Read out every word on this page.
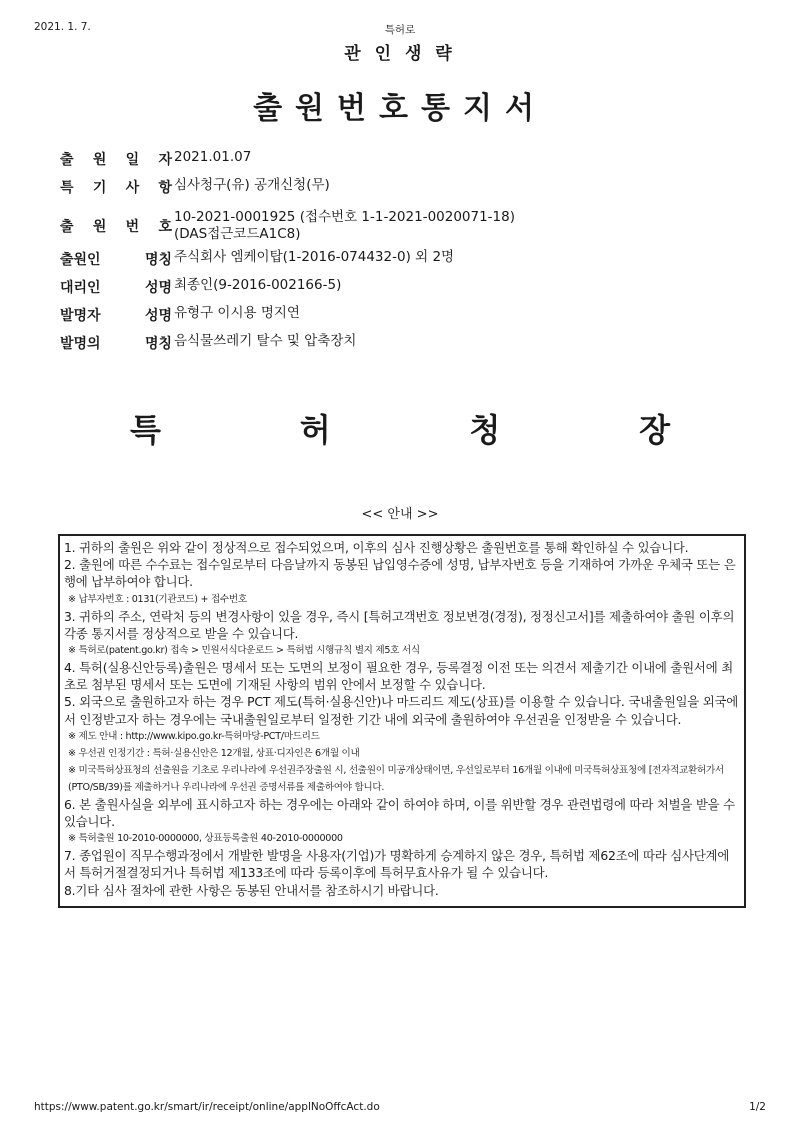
2021. 1. 7.	특허로
관 인 생 략
출원번호통지서
출 원 일 자 2021.01.07
특 기 사 항 심사청구(유) 공개신청(무)
출 원 번 호
10-2021-0001925 (접수번호 1-1-2021-0020071-18)
(DAS접근코드A1C8)
출원인 명칭 주식회사 엠케이탑(1-2016-074432-0) 외 2명
대리인 성명 최종인(9-2016-002166-5)
발명자 성명 유형구 이시용 명지연
발명의 명칭 음식물쓰레기 탈수 및 압축장치
특	허	청	장
<< 안내 >>

1. 귀하의 출원은 위와 같이 정상적으로 접수되었으며, 이후의 심사 진행상황은 출원번호를 통해 확인하실 수 있습니다.

2. 출원에 따른 수수료는 접수일로부터 다음날까지 동봉된 납입영수증에 성명, 납부자번호 등을 기재하여 가까운 우체국 또는 은행에 납부하여야 합니다.

※ 납부자번호 : 0131(기관코드) + 접수번호

3. 귀하의 주소, 연락처 등의 변경사항이 있을 경우, 즉시 [특허고객번호 정보변경(경정), 정정신고서]를 제출하여야 출원 이후의 각종 통지서를 정상적으로 받을 수 있습니다.

※ 특허로(patent.go.kr) 접속 > 민원서식다운로드 > 특허법 시행규칙 별지 제5호 서식

4. 특허(실용신안등록)출원은 명세서 또는 도면의 보정이 필요한 경우, 등록결정 이전 또는 의견서 제출기간 이내에 출원서에 최초로 첨부된 명세서 또는 도면에 기재된 사항의 범위 안에서 보정할 수 있습니다.

5. 외국으로 출원하고자 하는 경우 PCT 제도(특허·실용신안)나 마드리드 제도(상표)를 이용할 수 있습니다. 국내출원일을 외국에서 인정받고자 하는 경우에는 국내출원일로부터 일정한 기간 내에 외국에 출원하여야 우선권을 인정받을 수 있습니다.

※ 제도 안내 : http://www.kipo.go.kr-특허마당-PCT/마드리드

※ 우선권 인정기간 : 특허·실용신안은 12개월, 상표·디자인은 6개월 이내

※ 미국특허상표청의 선출원을 기초로 우리나라에 우선권주장출원 시, 선출원이 미공개상태이면, 우선일로부터 16개월 이내에 미국특허상표청에 [전자적교환허가서(PTO/SB/39)를 제출하거나 우리나라에 우선권 증명서류를 제출하여야 합니다.

6. 본 출원사실을 외부에 표시하고자 하는 경우에는 아래와 같이 하여야 하며, 이를 위반할 경우 관련법령에 따라 처벌을 받을 수 있습니다.

※ 특허출원 10-2010-0000000, 상표등록출원 40-2010-0000000

7. 종업원이 직무수행과정에서 개발한 발명을 사용자(기업)가 명확하게 승계하지 않은 경우, 특허법 제62조에 따라 심사단계에서 특허거절결정되거나 특허법 제133조에 따라 등록이후에 특허무효사유가 될 수 있습니다.

8.기타 심사 절차에 관한 사항은 동봉된 안내서를 참조하시기 바랍니다.

https://www.patent.go.kr/smart/ir/receipt/online/applNoOffcAct.do	1/2
